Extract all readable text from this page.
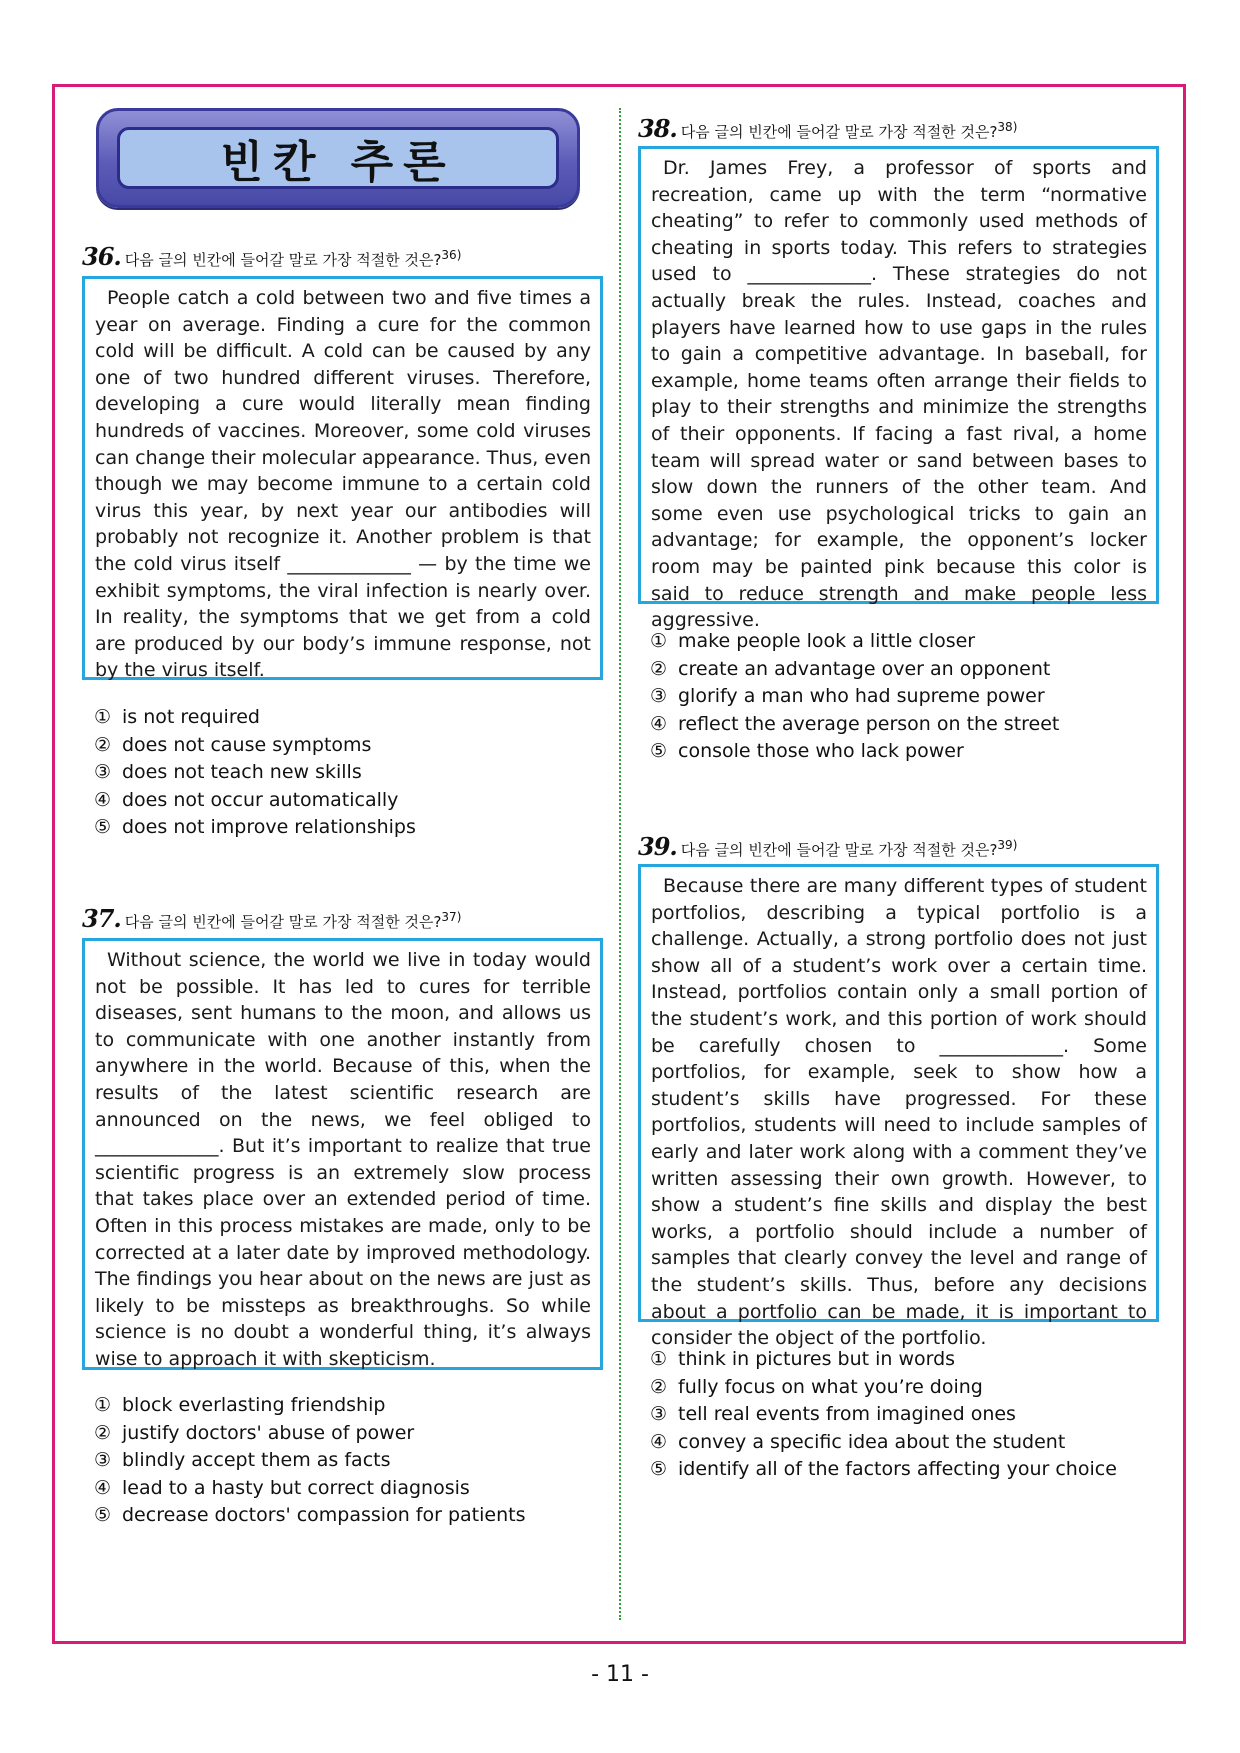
빈칸 추론
36. 다음 글의 빈칸에 들어갈 말로 가장 적절한 것은?$^{36)}$

People catch a cold between two and five times a year on average. Finding a cure for the common cold will be difficult. A cold can be caused by any one of two hundred different viruses. Therefore, developing a cure would literally mean finding hundreds of vaccines. Moreover, some cold viruses can change their molecular appearance. Thus, even though we may become immune to a certain cold virus this year, by next year our antibodies will probably not recognize it. Another problem is that the cold virus itself _____________ — by the time we exhibit symptoms, the viral infection is nearly over. In reality, the symptoms that we get from a cold are produced by our body’s immune response, not by the virus itself.

① is not required
② does not cause symptoms
③ does not teach new skills
④ does not occur automatically
⑤ does not improve relationships
37. 다음 글의 빈칸에 들어갈 말로 가장 적절한 것은?$^{37)}$

Without science, the world we live in today would not be possible. It has led to cures for terrible diseases, sent humans to the moon, and allows us to communicate with one another instantly from anywhere in the world. Because of this, when the results of the latest scientific research are announced on the news, we feel obliged to _____________. But it’s important to realize that true scientific progress is an extremely slow process that takes place over an extended period of time. Often in this process mistakes are made, only to be corrected at a later date by improved methodology. The findings you hear about on the news are just as likely to be missteps as breakthroughs. So while science is no doubt a wonderful thing, it’s always wise to approach it with skepticism.

① block everlasting friendship
② justify doctors' abuse of power
③ blindly accept them as facts
④ lead to a hasty but correct diagnosis
⑤ decrease doctors' compassion for patients
38. 다음 글의 빈칸에 들어갈 말로 가장 적절한 것은?$^{38)}$

Dr. James Frey, a professor of sports and recreation, came up with the term “normative cheating” to refer to commonly used methods of cheating in sports today. This refers to strategies used to _____________. These strategies do not actually break the rules. Instead, coaches and players have learned how to use gaps in the rules to gain a competitive advantage. In baseball, for example, home teams often arrange their fields to play to their strengths and minimize the strengths of their opponents. If facing a fast rival, a home team will spread water or sand between bases to slow down the runners of the other team. And some even use psychological tricks to gain an advantage; for example, the opponent’s locker room may be painted pink because this color is said to reduce strength and make people less aggressive.

① make people look a little closer
② create an advantage over an opponent
③ glorify a man who had supreme power
④ reflect the average person on the street
⑤ console those who lack power
39. 다음 글의 빈칸에 들어갈 말로 가장 적절한 것은?$^{39)}$

Because there are many different types of student portfolios, describing a typical portfolio is a challenge. Actually, a strong portfolio does not just show all of a student’s work over a certain time. Instead, portfolios contain only a small portion of the student’s work, and this portion of work should be carefully chosen to _____________. Some portfolios, for example, seek to show how a student’s skills have progressed. For these portfolios, students will need to include samples of early and later work along with a comment they’ve written assessing their own growth. However, to show a student’s fine skills and display the best works, a portfolio should include a number of samples that clearly convey the level and range of the student’s skills. Thus, before any decisions about a portfolio can be made, it is important to consider the object of the portfolio.

① think in pictures but in words
② fully focus on what you’re doing
③ tell real events from imagined ones
④ convey a specific idea about the student
⑤ identify all of the factors affecting your choice
- 11 -
